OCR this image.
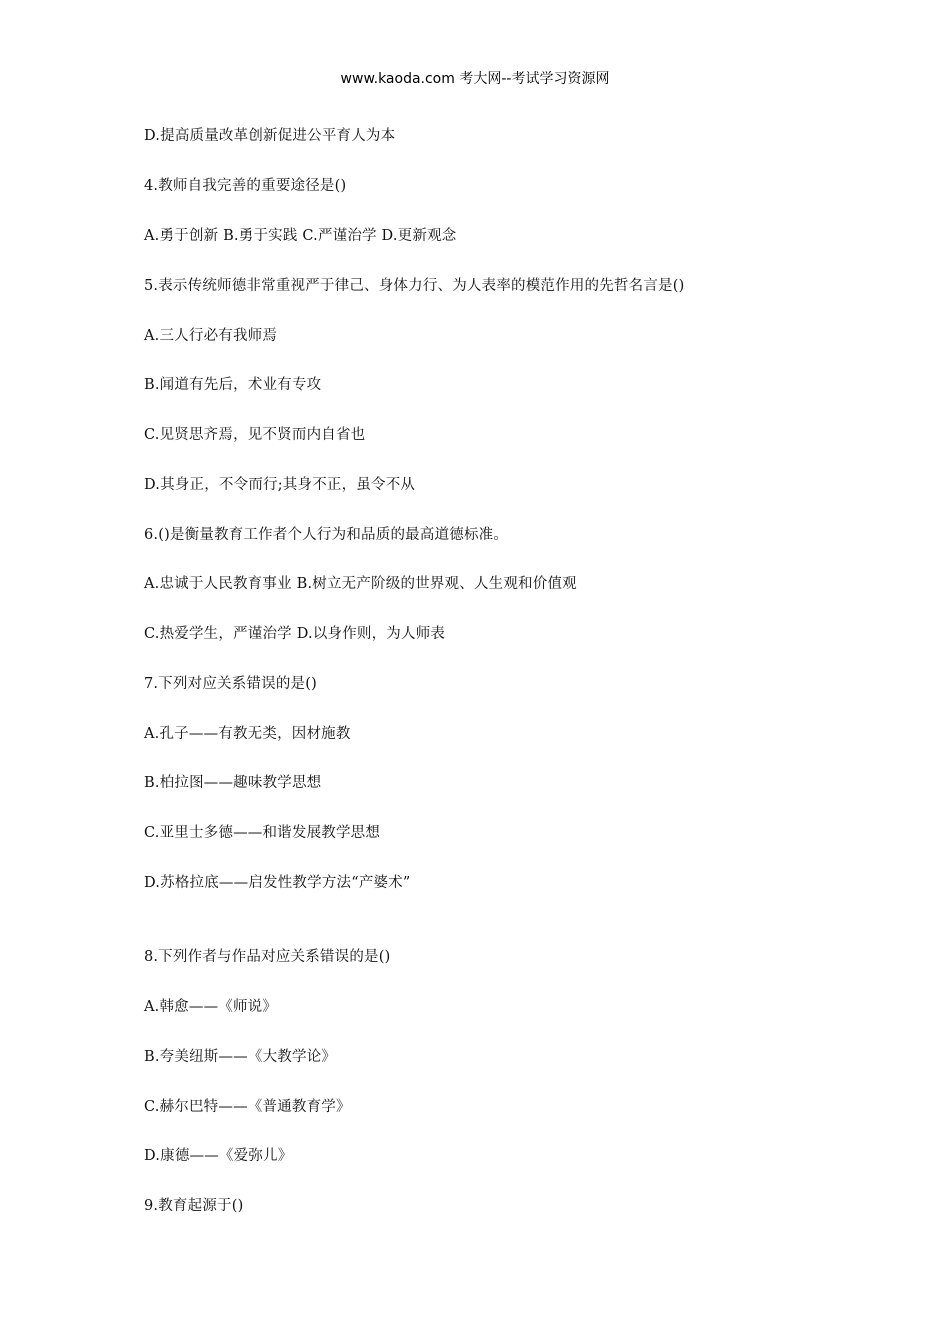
www.kaoda.com 考大网--考试学习资源网
D.提高质量改革创新促进公平育人为本
4.教师自我完善的重要途径是()
A.勇于创新 B.勇于实践 C.严谨治学 D.更新观念
5.表示传统师德非常重视严于律己、身体力行、为人表率的模范作用的先哲名言是()
A.三人行必有我师焉
B.闻道有先后，术业有专攻
C.见贤思齐焉，见不贤而内自省也
D.其身正，不令而行;其身不正，虽令不从
6.()是衡量教育工作者个人行为和品质的最高道德标准。
A.忠诚于人民教育事业 B.树立无产阶级的世界观、人生观和价值观
C.热爱学生，严谨治学 D.以身作则，为人师表
7.下列对应关系错误的是()
A.孔子——有教无类，因材施教
B.柏拉图——趣味教学思想
C.亚里士多德——和谐发展教学思想
D.苏格拉底——启发性教学方法“产婆术”
8.下列作者与作品对应关系错误的是()
A.韩愈——《师说》
B.夸美纽斯——《大教学论》
C.赫尔巴特——《普通教育学》
D.康德——《爱弥儿》
9.教育起源于()
